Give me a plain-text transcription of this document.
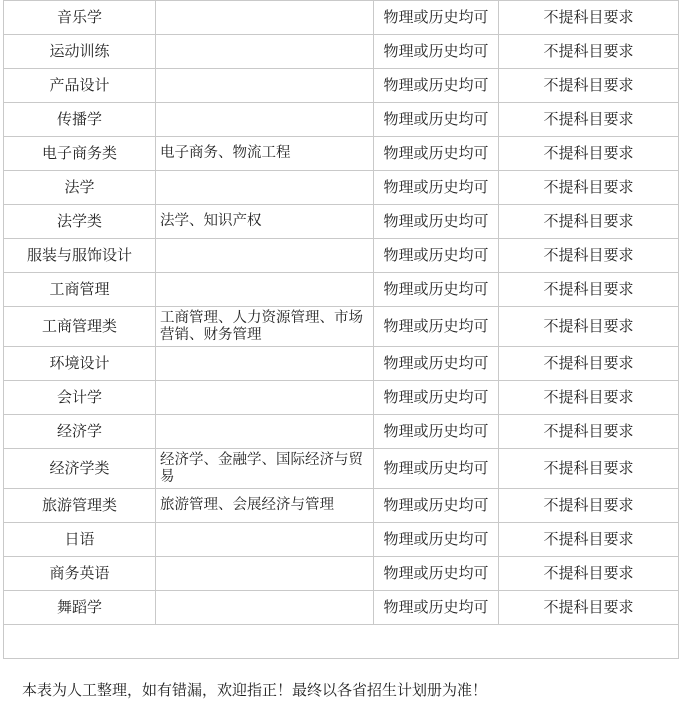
音乐学		物理或历史均可	不提科目要求
运动训练		物理或历史均可	不提科目要求
产品设计		物理或历史均可	不提科目要求
传播学		物理或历史均可	不提科目要求
电子商务类	电子商务、物流工程	物理或历史均可	不提科目要求
法学		物理或历史均可	不提科目要求
法学类	法学、知识产权	物理或历史均可	不提科目要求
服装与服饰设计		物理或历史均可	不提科目要求
工商管理		物理或历史均可	不提科目要求
工商管理类	工商管理、人力资源管理、市场营销、财务管理	物理或历史均可	不提科目要求
环境设计		物理或历史均可	不提科目要求
会计学		物理或历史均可	不提科目要求
经济学		物理或历史均可	不提科目要求
经济学类	经济学、金融学、国际经济与贸易	物理或历史均可	不提科目要求
旅游管理类	旅游管理、会展经济与管理	物理或历史均可	不提科目要求
日语		物理或历史均可	不提科目要求
商务英语		物理或历史均可	不提科目要求
舞蹈学		物理或历史均可	不提科目要求

本表为人工整理，如有错漏，欢迎指正！最终以各省招生计划册为准！
